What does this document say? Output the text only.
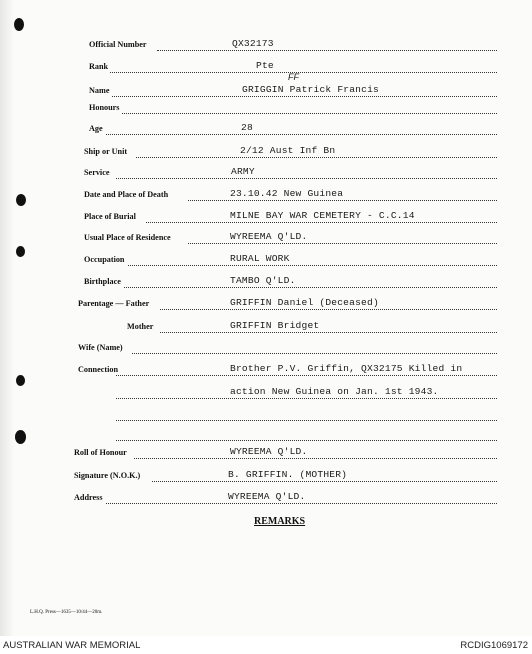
Official Number	QX32173
Rank	Pte
FF
Name	GRIGGIN Patrick Francis
Honours
Age	28
Ship or Unit	2/12 Aust Inf Bn
Service	ARMY
Date and Place of Death	23.10.42 New Guinea
Place of Burial	MILNE BAY WAR CEMETERY - C.C.14
Usual Place of Residence	WYREEMA Q'LD.
Occupation	RURAL WORK
Birthplace	TAMBO Q'LD.
Parentage — Father	GRIFFIN Daniel (Deceased)
Mother	GRIFFIN Bridget
Wife (Name)
Connection	Brother P.V. Griffin, QX32175 Killed in
action New Guinea on Jan. 1st 1943.
Roll of Honour	WYREEMA Q'LD.
Signature (N.O.K.)	B. GRIFFIN. (MOTHER)
Address	WYREEMA Q'LD.
REMARKS
L.H.Q. Press—1635—10/44—20m.
AUSTRALIAN WAR MEMORIAL	RCDIG1069172
